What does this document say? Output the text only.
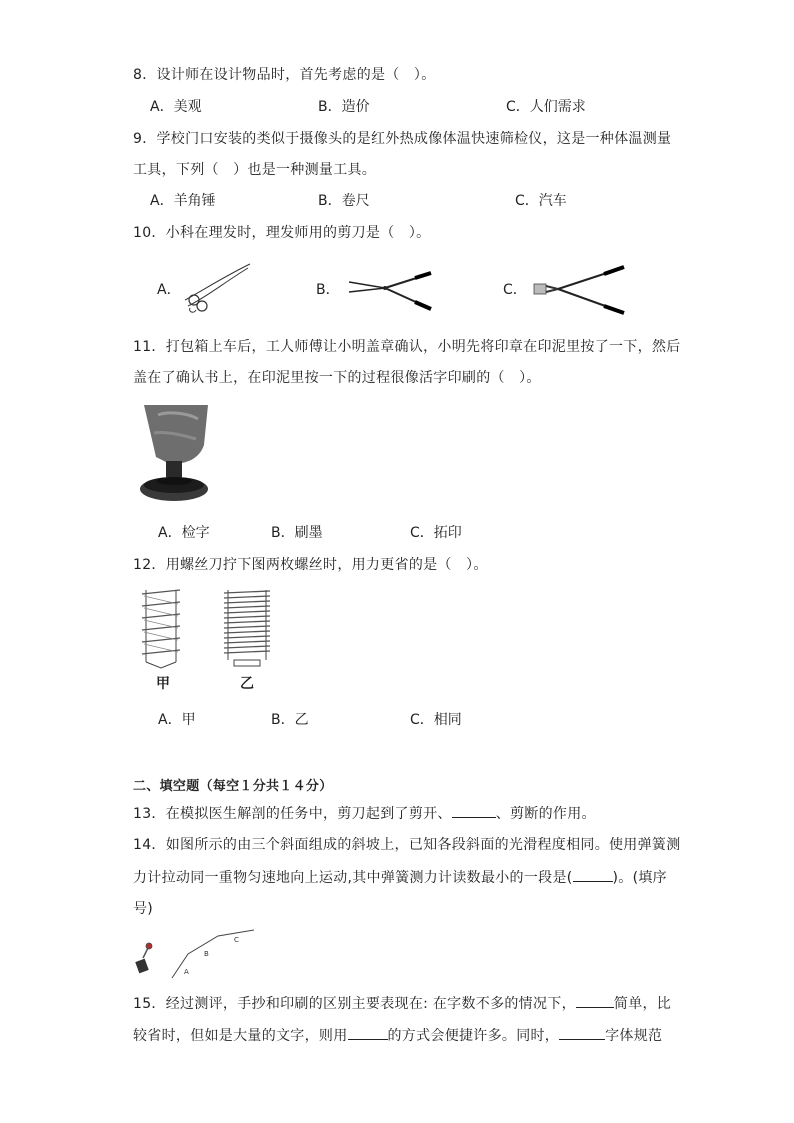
8．设计师在设计物品时，首先考虑的是（　）。
A．美观	B．造价	C．人们需求
9．学校门口安装的类似于摄像头的是红外热成像体温快速筛检仪，这是一种体温测量
工具，下列（　）也是一种测量工具。
A．羊角锤	B．卷尺	C．汽车
10．小科在理发时，理发师用的剪刀是（　）。
A．	B．	C．
11．打包箱上车后，工人师傅让小明盖章确认，小明先将印章在印泥里按了一下，然后
盖在了确认书上，在印泥里按一下的过程很像活字印刷的（　）。
A．检字	B．刷墨	C．拓印
12．用螺丝刀拧下图两枚螺丝时，用力更省的是（　）。
甲	乙
A．甲	B．乙	C．相同
二、填空题（每空１分共１４分）
13．在模拟医生解剖的任务中，剪刀起到了剪开、	、剪断的作用。
14．如图所示的由三个斜面组成的斜坡上，已知各段斜面的光滑程度相同。使用弹簧测
力计拉动同一重物匀速地向上运动,其中弹簧测力计读数最小的一段是(	)。(填序
号)
A
B
C
15．经过测评，手抄和印刷的区别主要表现在: 在字数不多的情况下，	简单，比
较省时，但如是大量的文字，则用	的方式会便捷许多。同时，	字体规范
